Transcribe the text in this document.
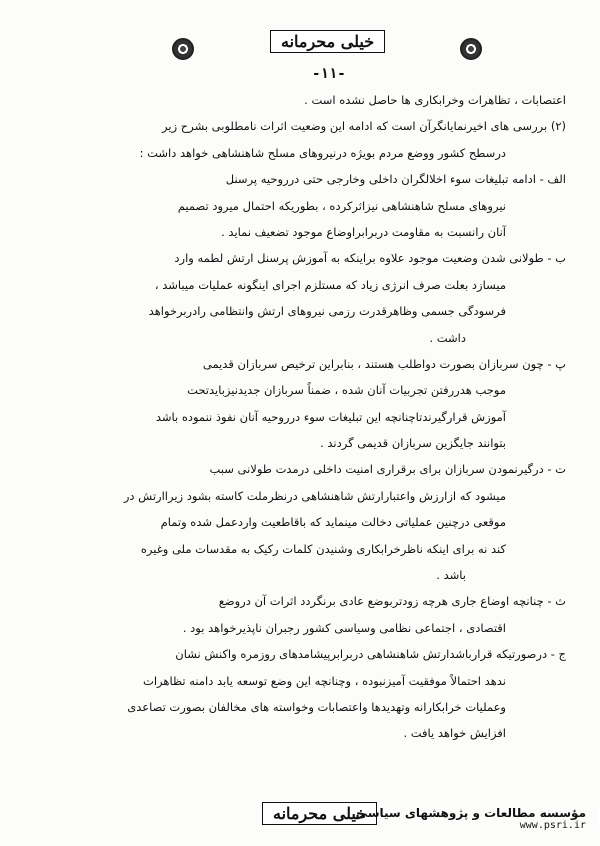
خیلی محرمانه
-۱۱-
اعتصابات ، تظاهرات وخرابکاری ها حاصل نشده است .
(۲) بررسی های اخیرنمایانگرآن است که ادامه این وضعیت اثرات نامطلوبی بشرح زیر
درسطح کشور ووضع مردم بویژه درنیروهای مسلح شاهنشاهی خواهد داشت :
الف - ادامه تبلیغات سوء اخلالگران داخلی وخارجی حتی درروحیه پرسنل
نیروهای مسلح شاهنشاهی نیزاثرکرده ، بطوریکه احتمال میرود تصمیم
آنان رانسبت به مقاومت دربرابراوضاع موجود تضعیف نماید .
ب - طولانی شدن وضعیت موجود علاوه براینکه به آموزش پرسنل ارتش لطمه وارد
میسازد بعلت صرف انرژی زیاد که مستلزم اجرای اینگونه عملیات میباشد ،
فرسودگی جسمی وظاهرقدرت رزمی نیروهای ارتش وانتظامی رادربرخواهد
داشت .
پ - چون سربازان بصورت دواطلب هستند ، بنابراین ترخیص سربازان قدیمی
موجب هدررفتن تجربیات آنان شده ، ضمناً سربازان جدیدنیزبایدتحت
آموزش قرارگیرندتاچنانچه این تبلیغات سوء درروحیه آنان نفوذ ننموده باشد
بتوانند جایگزین سربازان قدیمی گردند .
ت - درگیرنمودن سربازان برای برقراری امنیت داخلی درمدت طولانی سبب
میشود که ازارزش واعتبارارتش شاهنشاهی درنظرملت کاسته بشود زیراارتش در
موقعی درچنین عملیاتی دخالت مینماید که باقاطعیت واردعمل شده وتمام
کند نه برای اینکه ناظرخرابکاری وشنیدن کلمات رکیک به مقدسات ملی وغیره
باشد .
ث - چنانچه اوضاع جاری هرچه زودتربوضع عادی برنگردد اثرات آن دروضع
اقتصادی ، اجتماعی نظامی وسیاسی کشور رجبران ناپذیرخواهد بود .
ج - درصورتیکه قرارباشدارتش شاهنشاهی دربرابرپیشامدهای روزمره واکنش نشان
ندهد احتمالاً موفقیت آمیزنبوده ، وچنانچه این وضع توسعه یابد دامنه تظاهرات
وعملیات خرابکارانه وتهدیدها واعتصابات وخواسته های مخالفان بصورت تصاعدی
افزایش خواهد یافت .
خیلی محرمانه
مؤسسه مطالعات و پژوهشهای سیاسی
www.psri.ir
